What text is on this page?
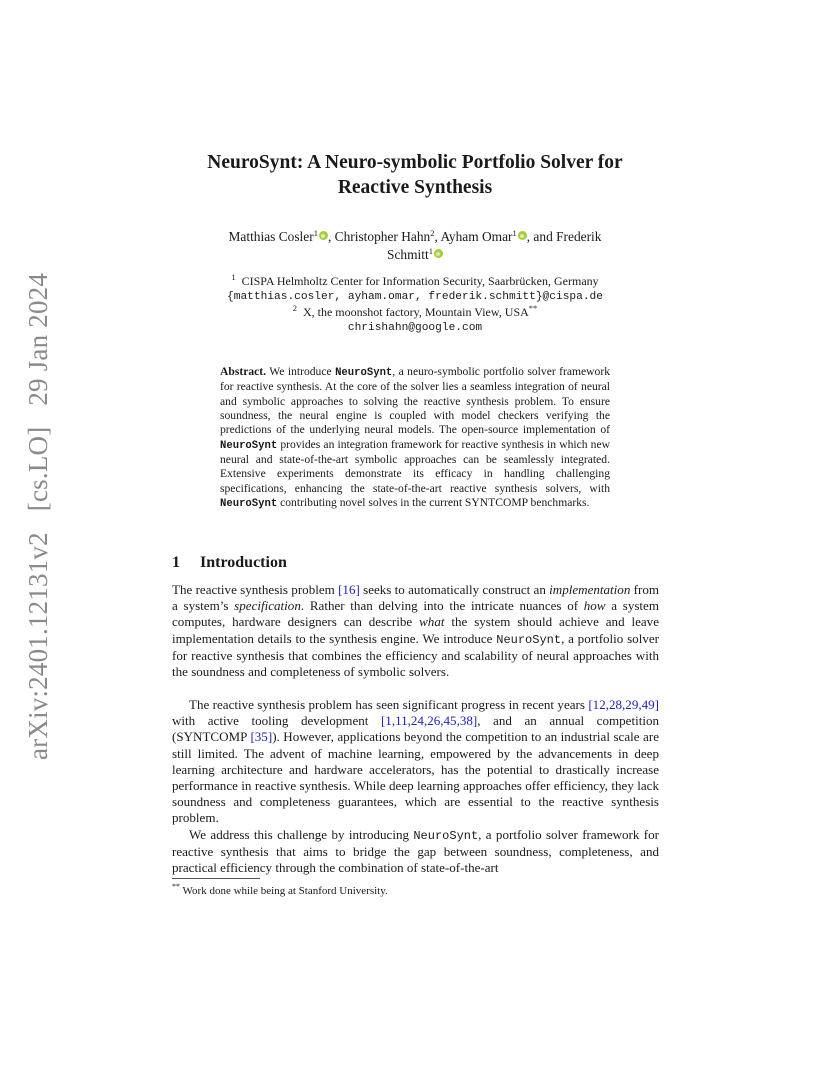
arXiv:2401.12131v2 [cs.LO] 29 Jan 2024
NeuroSynt: A Neuro-symbolic Portfolio Solver for
Reactive Synthesis
Matthias Cosler$^1$ , Christopher Hahn$^2$, Ayham Omar$^1$ , and Frederik
Schmitt$^1$
$^1$ CISPA Helmholtz Center for Information Security, Saarbrücken, Germany
{matthias.cosler, ayham.omar, frederik.schmitt}@cispa.de
$^2$ X, the moonshot factory, Mountain View, USA**
chrishahn@google.com
Abstract. We introduce NeuroSynt, a neuro-symbolic portfolio solver framework for reactive synthesis. At the core of the solver lies a seamless integration of neural and symbolic approaches to solving the reactive synthesis problem. To ensure soundness, the neural engine is coupled with model checkers verifying the predictions of the underlying neural models. The open-source implementation of NeuroSynt provides an integration framework for reactive synthesis in which new neural and state-of-the-art symbolic approaches can be seamlessly integrated. Extensive experiments demonstrate its efficacy in handling challenging specifications, enhancing the state-of-the-art reactive synthesis solvers, with NeuroSynt contributing novel solves in the current SYNTCOMP benchmarks.
1 Introduction
The reactive synthesis problem [16] seeks to automatically construct an implementation from a system’s specification. Rather than delving into the intricate nuances of how a system computes, hardware designers can describe what the system should achieve and leave implementation details to the synthesis engine. We introduce NeuroSynt, a portfolio solver for reactive synthesis that combines the efficiency and scalability of neural approaches with the soundness and completeness of symbolic solvers.
The reactive synthesis problem has seen significant progress in recent years [12,28,29,49] with active tooling development [1,11,24,26,45,38], and an annual competition (SYNTCOMP [35]). However, applications beyond the competition to an industrial scale are still limited. The advent of machine learning, empowered by the advancements in deep learning architecture and hardware accelerators, has the potential to drastically increase performance in reactive synthesis. While deep learning approaches offer efficiency, they lack soundness and completeness guarantees, which are essential to the reactive synthesis problem.
We address this challenge by introducing NeuroSynt, a portfolio solver framework for reactive synthesis that aims to bridge the gap between soundness, completeness, and practical efficiency through the combination of state-of-the-art
** Work done while being at Stanford University.
